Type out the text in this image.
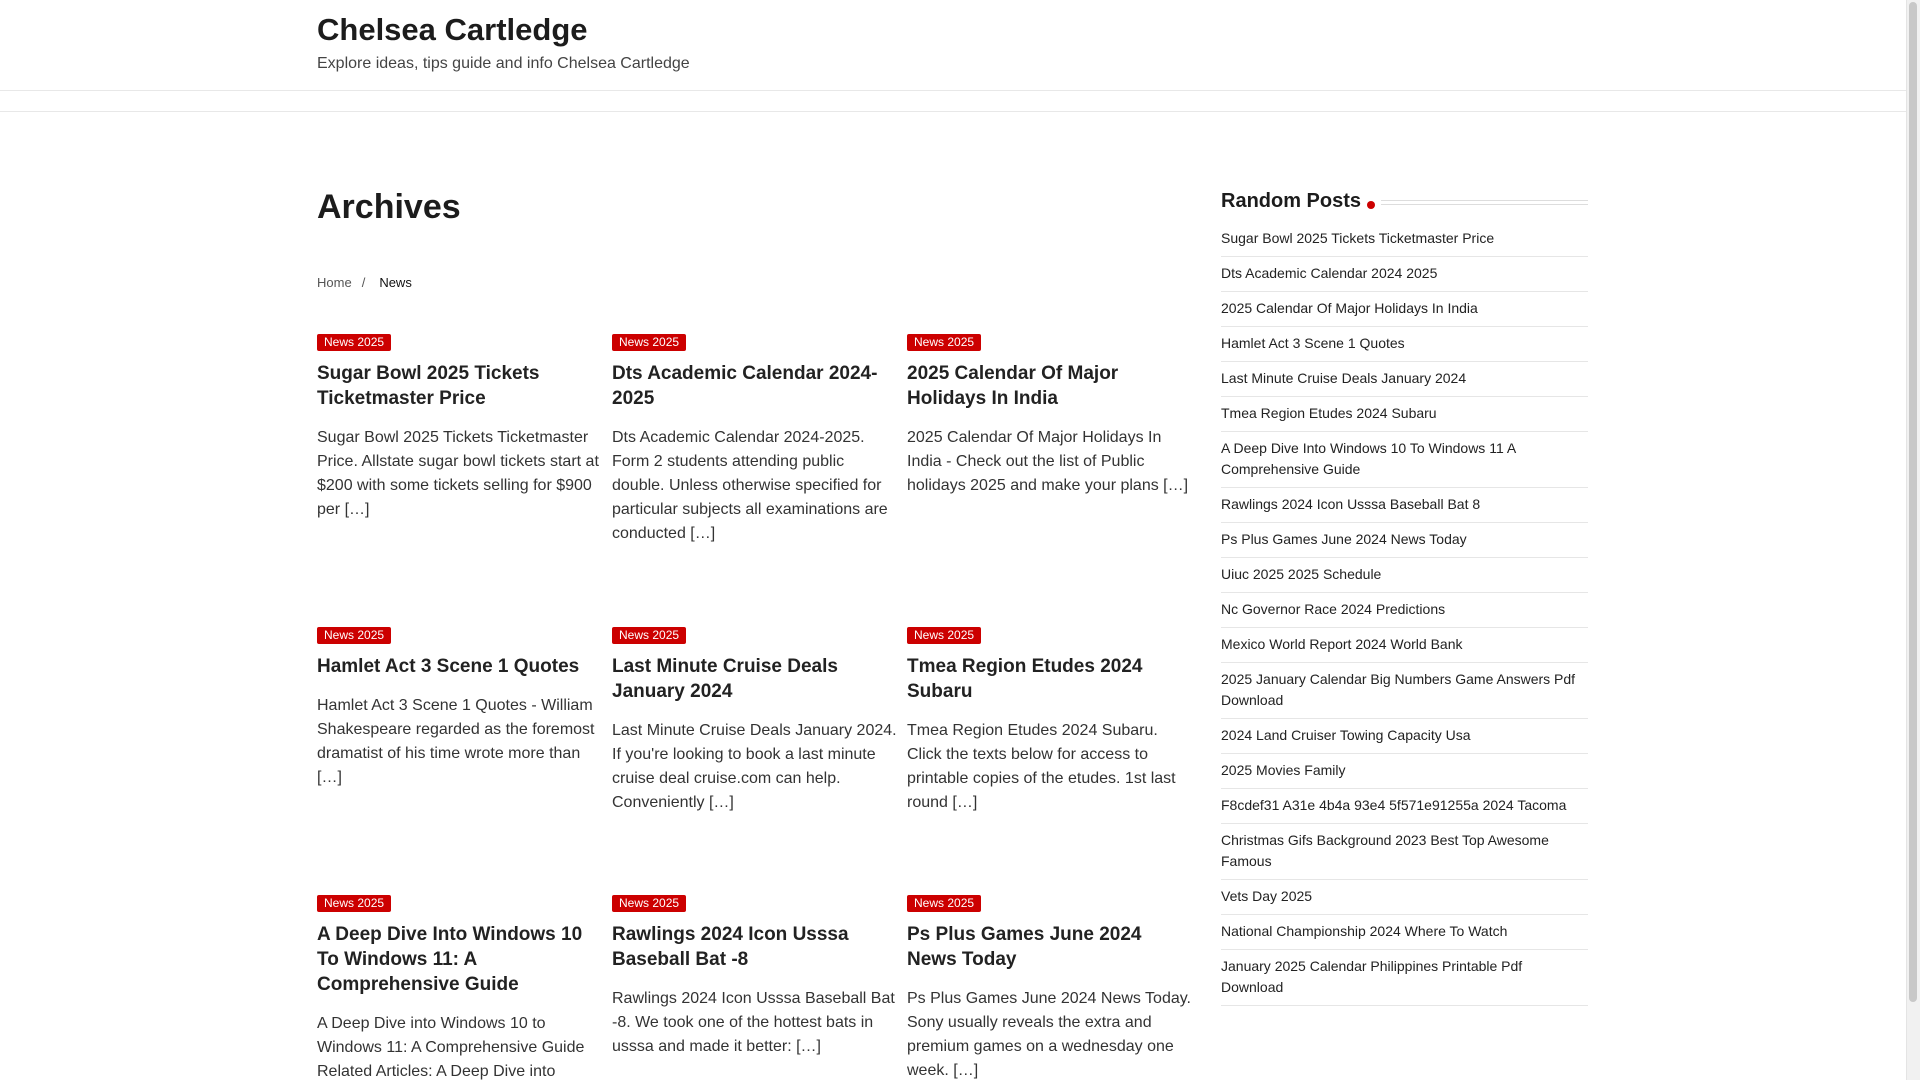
Chelsea Cartledge
Explore ideas, tips guide and info Chelsea Cartledge
Archives
Home / News
News 2025
Sugar Bowl 2025 Tickets Ticketmaster Price

Sugar Bowl 2025 Tickets Ticketmaster Price. Allstate sugar bowl tickets start at $200 with some tickets selling for $900 per […]

News 2025
Dts Academic Calendar 2024-2025

Dts Academic Calendar 2024-2025. Form 2 students attending public double. Unless otherwise specified for particular subjects all examinations are conducted […]

News 2025
2025 Calendar Of Major Holidays In India

2025 Calendar Of Major Holidays In India - Check out the list of Public holidays 2025 and make your plans […]

News 2025
Hamlet Act 3 Scene 1 Quotes

Hamlet Act 3 Scene 1 Quotes - William Shakespeare regarded as the foremost dramatist of his time wrote more than […]

News 2025
Last Minute Cruise Deals January 2024

Last Minute Cruise Deals January 2024. If you're looking to book a last minute cruise deal cruise.com can help. Conveniently […]

News 2025
Tmea Region Etudes 2024 Subaru

Tmea Region Etudes 2024 Subaru. Click the texts below for access to printable copies of the etudes. 1st last round […]

News 2025
A Deep Dive Into Windows 10 To Windows 11: A Comprehensive Guide

A Deep Dive into Windows 10 to Windows 11: A Comprehensive Guide Related Articles: A Deep Dive into

News 2025
Rawlings 2024 Icon Usssa Baseball Bat -8

Rawlings 2024 Icon Usssa Baseball Bat -8. We took one of the hottest bats in usssa and made it better: […]

News 2025
Ps Plus Games June 2024 News Today

Ps Plus Games June 2024 News Today. Sony usually reveals the extra and premium games on a wednesday one week. […]

Random Posts
Sugar Bowl 2025 Tickets Ticketmaster Price
Dts Academic Calendar 2024 2025
2025 Calendar Of Major Holidays In India
Hamlet Act 3 Scene 1 Quotes
Last Minute Cruise Deals January 2024
Tmea Region Etudes 2024 Subaru
A Deep Dive Into Windows 10 To Windows 11 A Comprehensive Guide
Rawlings 2024 Icon Usssa Baseball Bat 8
Ps Plus Games June 2024 News Today
Uiuc 2025 2025 Schedule
Nc Governor Race 2024 Predictions
Mexico World Report 2024 World Bank
2025 January Calendar Big Numbers Game Answers Pdf Download
2024 Land Cruiser Towing Capacity Usa
2025 Movies Family
F8cdef31 A31e 4b4a 93e4 5f571e91255a 2024 Tacoma
Christmas Gifs Background 2023 Best Top Awesome Famous
Vets Day 2025
National Championship 2024 Where To Watch
January 2025 Calendar Philippines Printable Pdf Download
